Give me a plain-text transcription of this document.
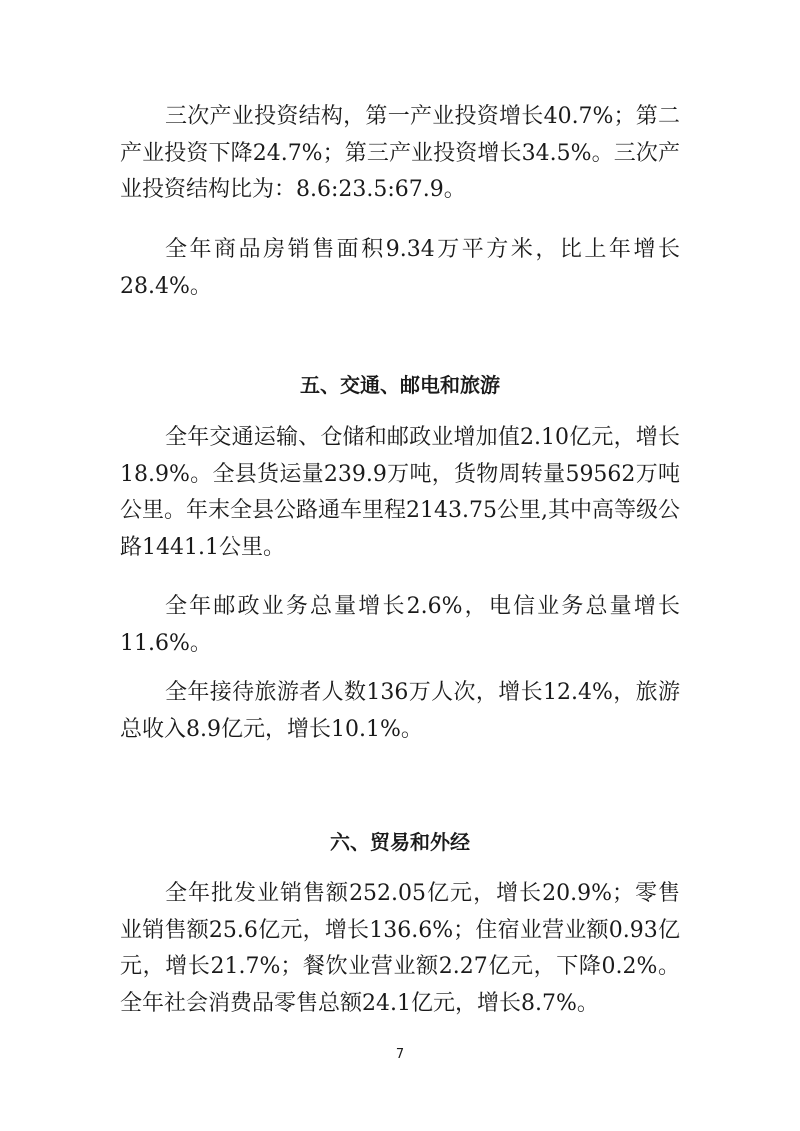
三次产业投资结构，第一产业投资增长40.7%；第二产业投资下降24.7%；第三产业投资增长34.5%。三次产业投资结构比为：8.6:23.5:67.9。

全年商品房销售面积9.34万平方米，比上年增长28.4%。

五、交通、邮电和旅游

全年交通运输、仓储和邮政业增加值2.10亿元，增长18.9%。全县货运量239.9万吨，货物周转量59562万吨公里。年末全县公路通车里程2143.75公里,其中高等级公路1441.1公里。

全年邮政业务总量增长2.6%，电信业务总量增长11.6%。

全年接待旅游者人数136万人次，增长12.4%，旅游总收入8.9亿元，增长10.1%。

六、贸易和外经

全年批发业销售额252.05亿元，增长20.9%；零售业销售额25.6亿元，增长136.6%；住宿业营业额0.93亿元，增长21.7%；餐饮业营业额2.27亿元，下降0.2%。全年社会消费品零售总额24.1亿元，增长8.7%。

7
